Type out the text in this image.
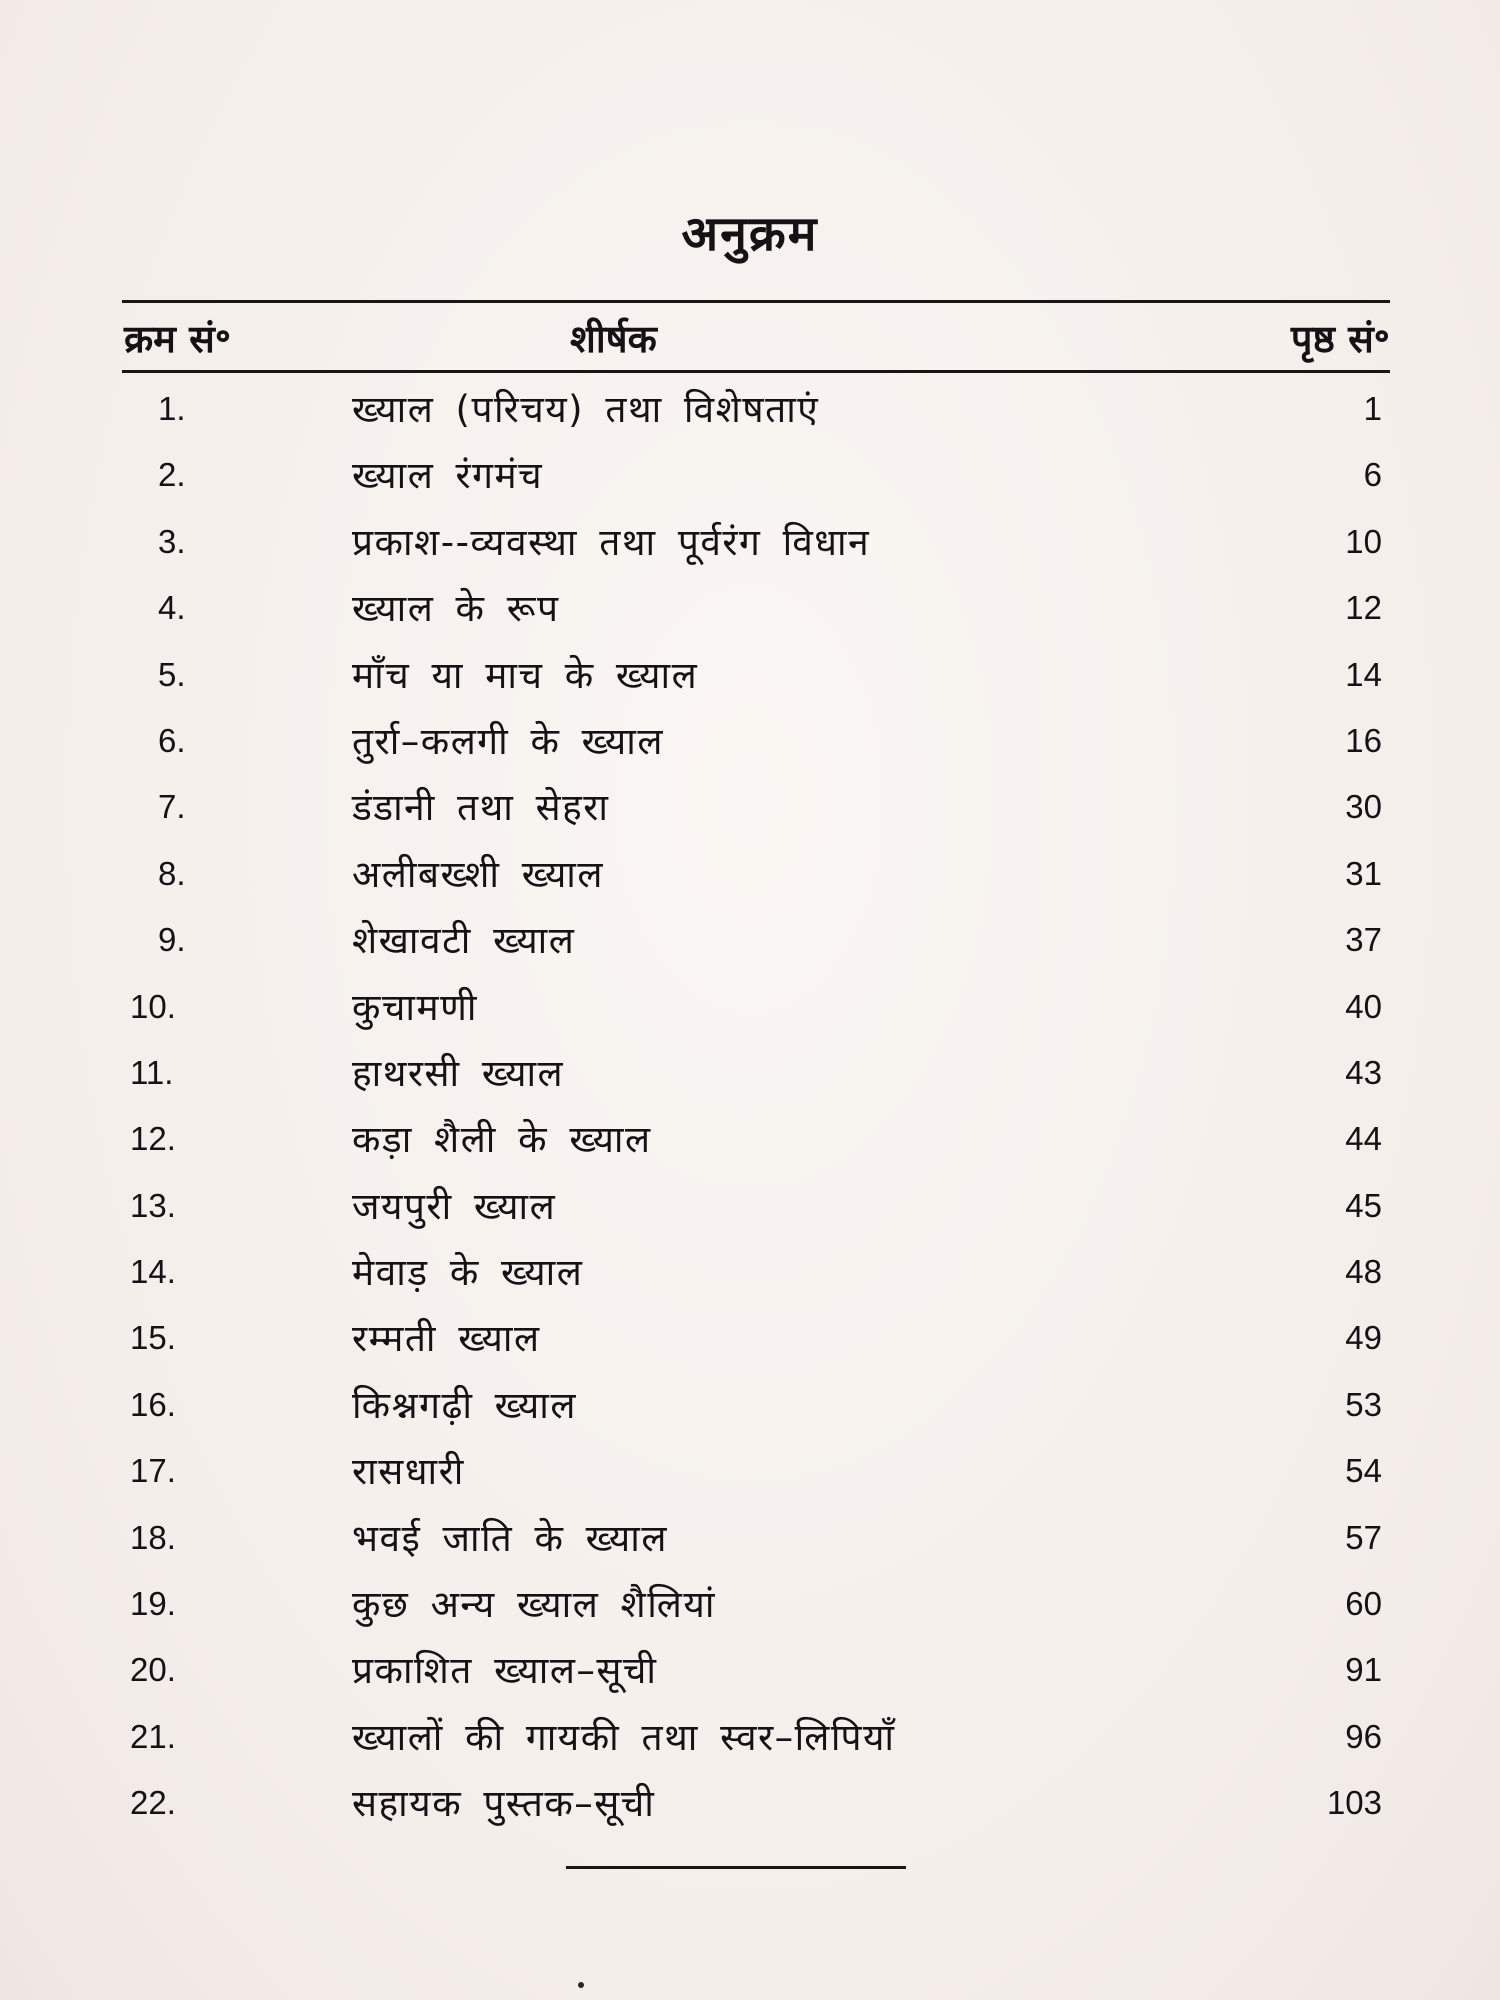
अनुक्रम
क्रम सं॰	शीर्षक	पृष्ठ सं॰
1.	ख्याल (परिचय) तथा विशेषताएं	1
2.	ख्याल रंगमंच	6
3.	प्रकाश--व्यवस्था तथा पूर्वरंग विधान	10
4.	ख्याल के रूप	12
5.	माँच या माच के ख्याल	14
6.	तुर्रा–कलगी के ख्याल	16
7.	डंडानी तथा सेहरा	30
8.	अलीबख्शी ख्याल	31
9.	शेखावटी ख्याल	37
10.	कुचामणी	40
11.	हाथरसी ख्याल	43
12.	कड़ा शैली के ख्याल	44
13.	जयपुरी ख्याल	45
14.	मेवाड़ के ख्याल	48
15.	रम्मती ख्याल	49
16.	किश्नगढ़ी ख्याल	53
17.	रासधारी	54
18.	भवई जाति के ख्याल	57
19.	कुछ अन्य ख्याल शैलियां	60
20.	प्रकाशित ख्याल–सूची	91
21.	ख्यालों की गायकी तथा स्वर–लिपियाँ	96
22.	सहायक पुस्तक–सूची	103
